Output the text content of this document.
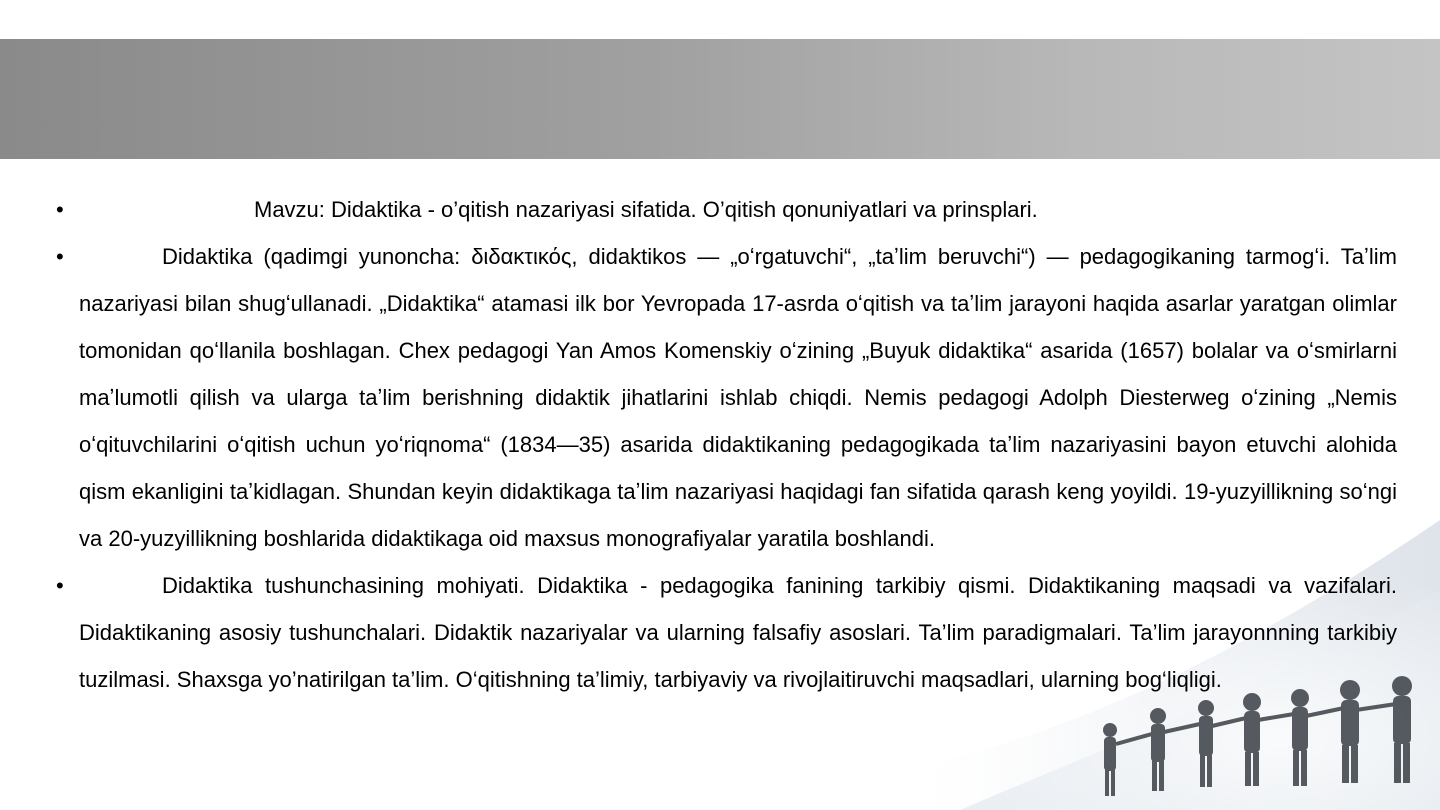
•	Mavzu: Didaktika - o’qitish nazariyasi sifatida. O’qitish qonuniyatlari va prinsplari.

•	Didaktika (qadimgi yunoncha: διδακτικός, didaktikos — „oʻrgatuvchi“, „taʼlim beruvchi“) — pedagogikaning tarmogʻi. Taʼlim nazariyasi bilan shugʻullanadi. „Didaktika“ atamasi ilk bor Yevropada 17-asrda oʻqitish va taʼlim jarayoni haqida asarlar yaratgan olimlar tomonidan qoʻllanila boshlagan. Chex pedagogi Yan Amos Komenskiy oʻzining „Buyuk didaktika“ asarida (1657) bolalar va oʻsmirlarni maʼlumotli qilish va ularga taʼlim berishning didaktik jihatlarini ishlab chiqdi. Nemis pedagogi Adolph Diesterweg oʻzining „Nemis oʻqituvchilarini oʻqitish uchun yoʻriqnoma“ (1834—35) asarida didaktikaning pedagogikada taʼlim nazariyasini bayon etuvchi alohida qism ekanligini taʼkidlagan. Shundan keyin didaktikaga taʼlim nazariyasi haqidagi fan sifatida qarash keng yoyildi. 19-yuzyillikning soʻngi va 20-yuzyillikning boshlarida didaktikaga oid maxsus monografiyalar yaratila boshlandi.

•	Didaktika tushunchasining mohiyati. Didaktika - pedagogika fanining tarkibiy qismi. Didaktikaning maqsadi va vazifalari. Didaktikaning asosiy tushunchalari. Didaktik nazariyalar va ularning falsafiy asoslari. Ta’lim paradigmalari. Ta’lim jarayonnning tarkibiy tuzilmasi. Shaxsga yo’natirilgan ta’lim. O‘qitishning ta’limiy, tarbiyaviy va rivojlaitiruvchi maqsadlari, ularning bog‘liqligi.
